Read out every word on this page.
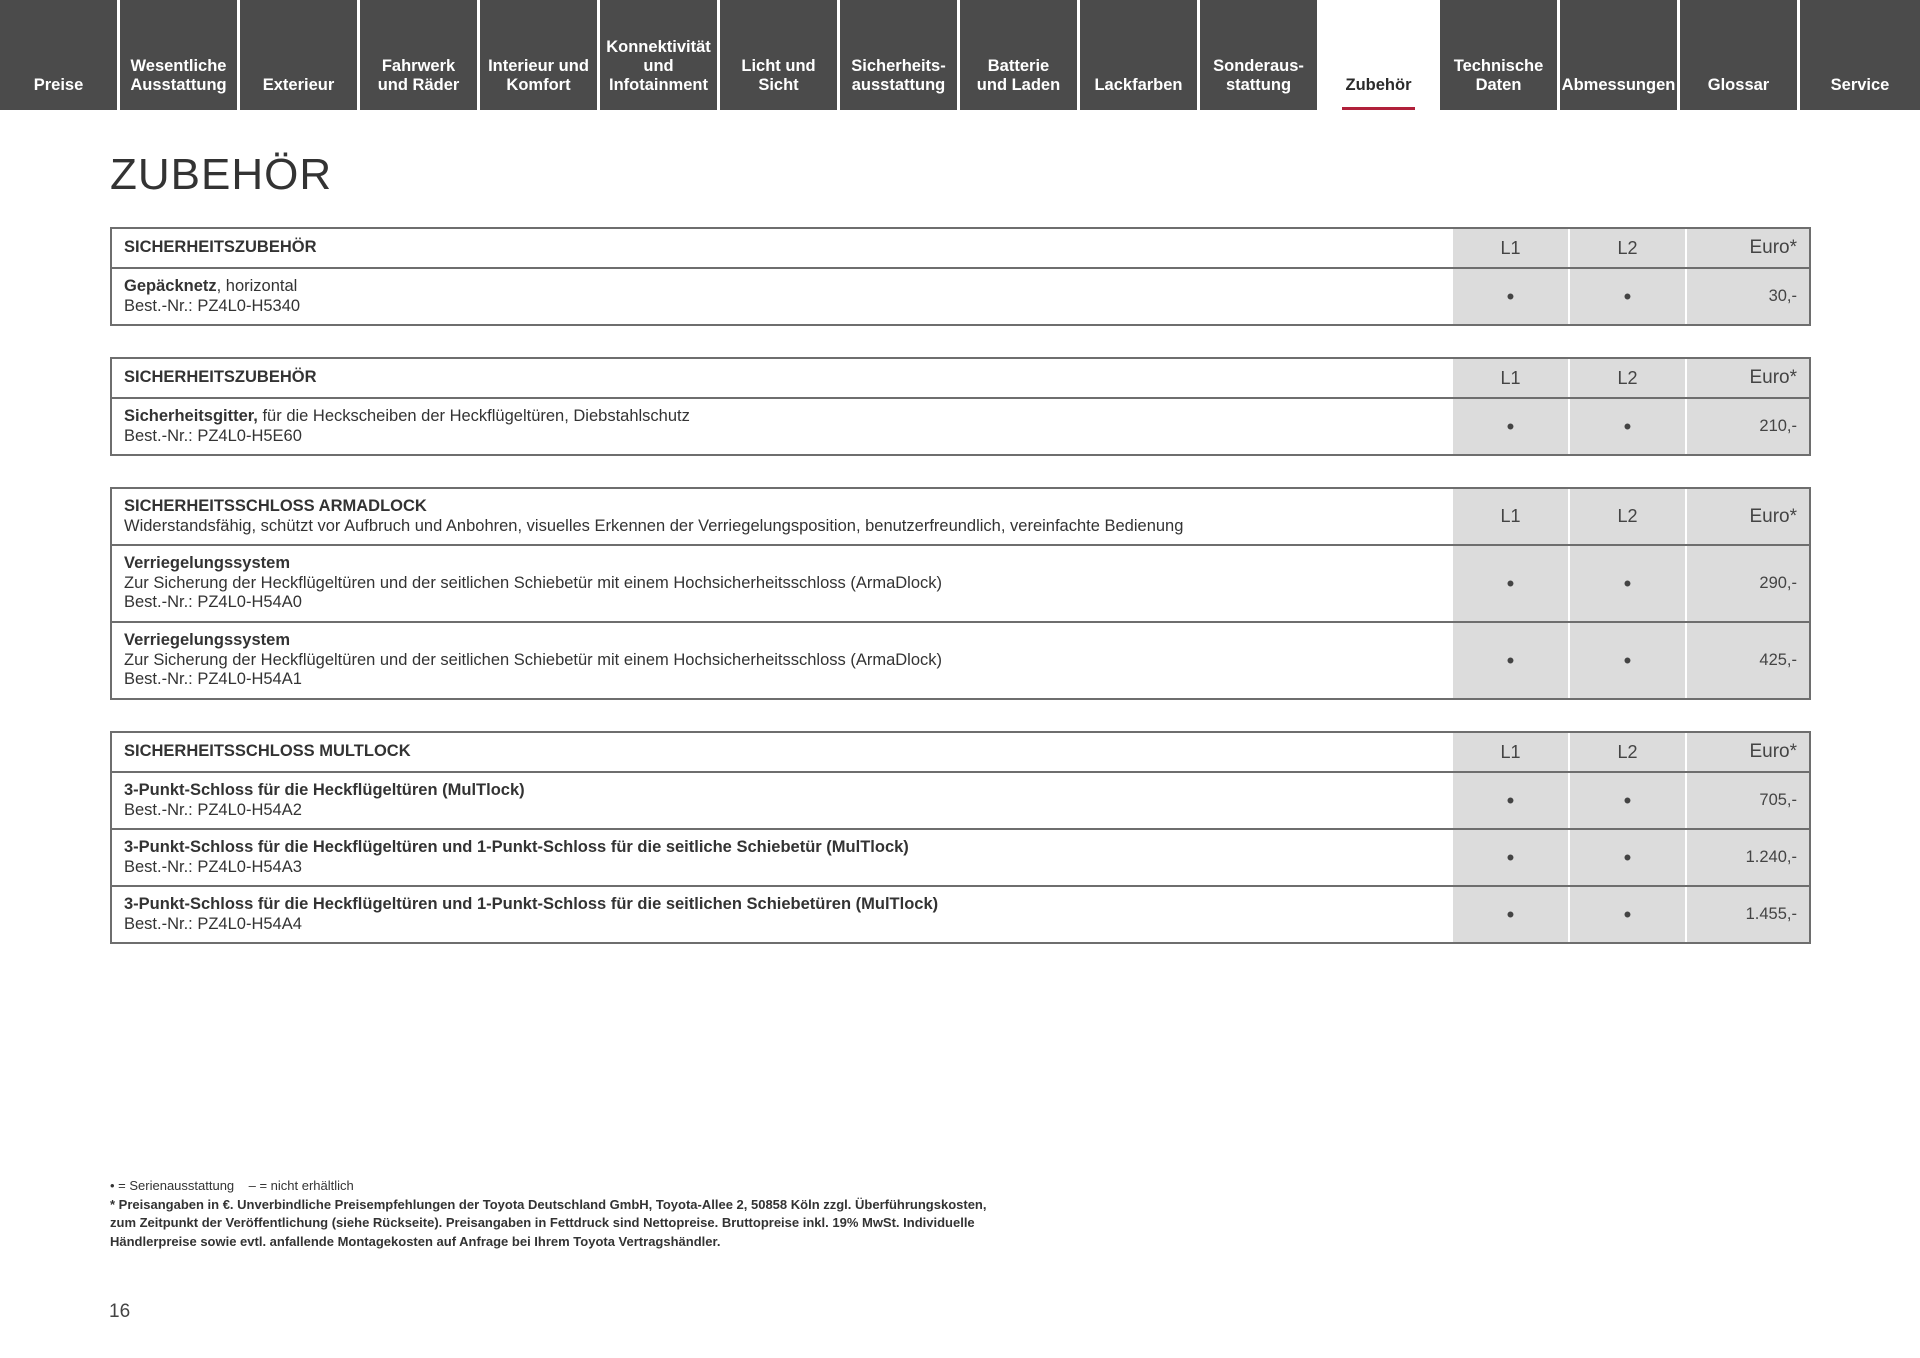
Preise
Wesentliche
Ausstattung	Exterieur
Fahrwerk
und Räder
Interieur und
Komfort
Konnektivität
und
Infotainment
Licht und Sicht
Sicherheits-
ausstattung
Batterie
und Laden	Lackfarben
Sonderaus-
stattung	Zubehör
Technische
Daten	Abmessungen	Glossar	Service
ZUBEHÖR
SICHERHEITSZUBEHÖR	L1	L2	Euro*
Gepäcknetz, horizontal
Best.-Nr.: PZ4L0-H5340	•	•	30,-
SICHERHEITSZUBEHÖR	L1	L2	Euro*
Sicherheitsgitter, für die Heckscheiben der Heckflügeltüren, Diebstahlschutz
Best.-Nr.: PZ4L0-H5E60	•	•	210,-
SICHERHEITSSCHLOSS ARMADLOCK
Widerstandsfähig, schützt vor Aufbruch und Anbohren, visuelles Erkennen der Verriegelungsposition, benutzerfreundlich, vereinfachte Bedienung	L1	L2	Euro*
Verriegelungssystem
Zur Sicherung der Heckflügeltüren und der seitlichen Schiebetür mit einem Hochsicherheitsschloss (ArmaDlock)
Best.-Nr.: PZ4L0-H54A0
•	•	290,-
Verriegelungssystem
Zur Sicherung der Heckflügeltüren und der seitlichen Schiebetür mit einem Hochsicherheitsschloss (ArmaDlock)
Best.-Nr.: PZ4L0-H54A1
•	•	425,-
SICHERHEITSSCHLOSS MULTLOCK	L1	L2	Euro*
3-Punkt-Schloss für die Heckflügeltüren (MulTlock)
Best.-Nr.: PZ4L0-H54A2	•	•	705,-
3-Punkt-Schloss für die Heckflügeltüren und 1-Punkt-Schloss für die seitliche Schiebetür (MulTlock)
Best.-Nr.: PZ4L0-H54A3	•	•	1.240,-
3-Punkt-Schloss für die Heckflügeltüren und 1-Punkt-Schloss für die seitlichen Schiebetüren (MulTlock)
Best.-Nr.: PZ4L0-H54A4	•	•	1.455,-
• = Serienausstattung    – = nicht erhältlich
* Preisangaben in €. Unverbindliche Preisempfehlungen der Toyota Deutschland GmbH, Toyota-Allee 2, 50858 Köln zzgl. Überführungskosten,
zum Zeitpunkt der Veröffentlichung (siehe Rückseite). Preisangaben in Fettdruck sind Nettopreise. Bruttopreise inkl. 19% MwSt. Individuelle
Händlerpreise sowie evtl. anfallende Montagekosten auf Anfrage bei Ihrem Toyota Vertragshändler.
16
